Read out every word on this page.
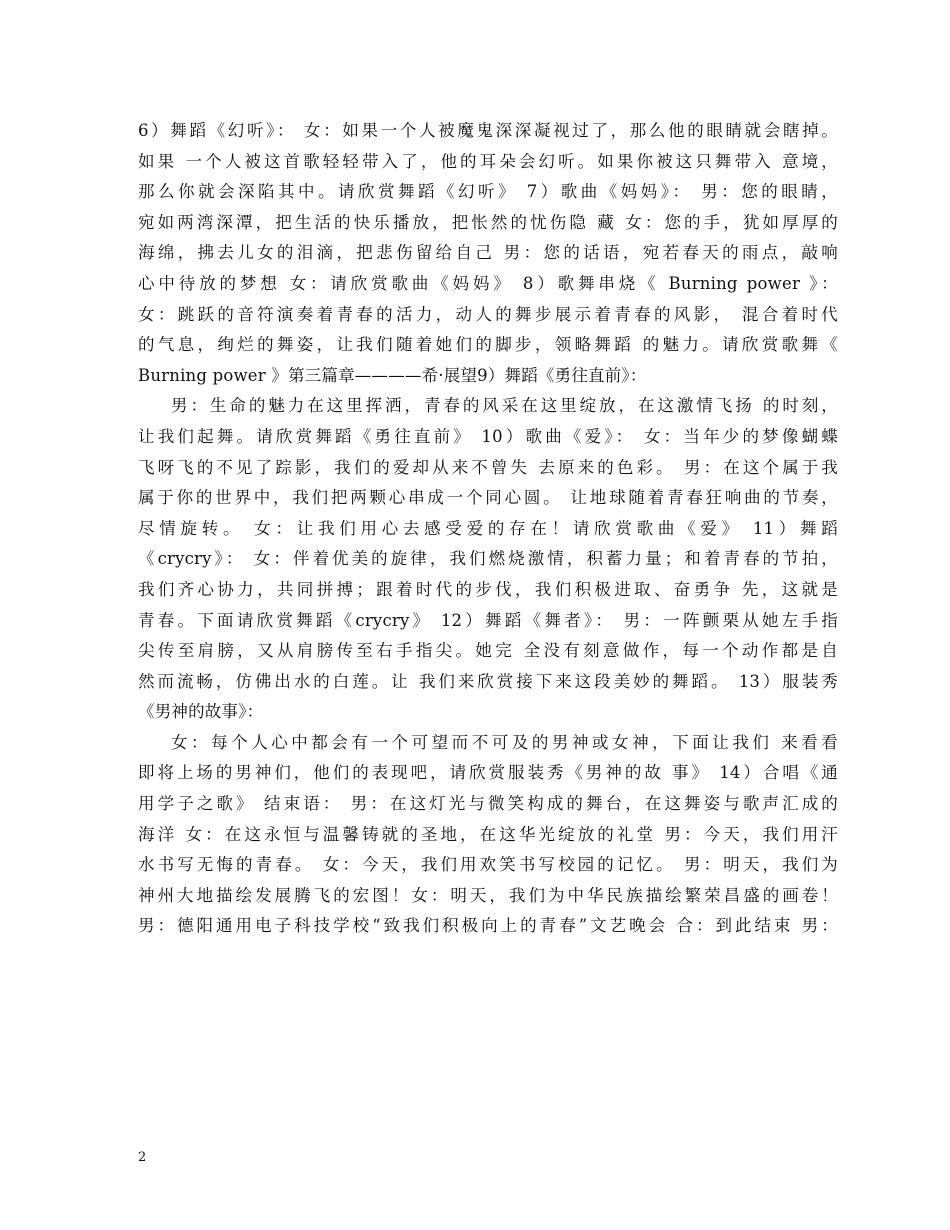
6）舞蹈《幻听》： 女：如果一个人被魔鬼深深凝视过了，那么他的眼睛就会瞎掉。
如果 一个人被这首歌轻轻带入了，他的耳朵会幻听。如果你被这只舞带入 意境，
那么你就会深陷其中。请欣赏舞蹈《幻听》 7）歌曲《妈妈》： 男：您的眼睛，
宛如两湾深潭，把生活的快乐播放，把怅然的忧伤隐 藏 女：您的手，犹如厚厚的
海绵，拂去儿女的泪滴，把悲伤留给自己 男：您的话语，宛若春天的雨点，敲响
心中待放的梦想 女：请欣赏歌曲《妈妈》 8）歌舞串烧《 Burning power 》：
女：跳跃的音符演奏着青春的活力，动人的舞步展示着青春的风影， 混合着时代
的气息，绚烂的舞姿，让我们随着她们的脚步，领略舞蹈 的魅力。请欣赏歌舞《
Burning power 》第三篇章————希·展望9）舞蹈《勇往直前》：
男：生命的魅力在这里挥洒，青春的风采在这里绽放，在这激情飞扬 的时刻，
让我们起舞。请欣赏舞蹈《勇往直前》 10）歌曲《爱》： 女：当年少的梦像蝴蝶
飞呀飞的不见了踪影，我们的爱却从来不曾失 去原来的色彩。 男：在这个属于我
属于你的世界中，我们把两颗心串成一个同心圆。 让地球随着青春狂响曲的节奏，
尽情旋转。 女：让我们用心去感受爱的存在！请欣赏歌曲《爱》 11）舞蹈
《crycry》： 女：伴着优美的旋律，我们燃烧激情，积蓄力量；和着青春的节拍，
我们齐心协力，共同拼搏；跟着时代的步伐，我们积极进取、奋勇争 先，这就是
青春。下面请欣赏舞蹈《crycry》 12）舞蹈《舞者》： 男：一阵颤栗从她左手指
尖传至肩膀，又从肩膀传至右手指尖。她完 全没有刻意做作，每一个动作都是自
然而流畅，仿佛出水的白莲。让 我们来欣赏接下来这段美妙的舞蹈。 13）服装秀
《男神的故事》：
女：每个人心中都会有一个可望而不可及的男神或女神，下面让我们 来看看
即将上场的男神们，他们的表现吧，请欣赏服装秀《男神的故 事》 14）合唱《通
用学子之歌》 结束语： 男：在这灯光与微笑构成的舞台，在这舞姿与歌声汇成的
海洋 女：在这永恒与温馨铸就的圣地，在这华光绽放的礼堂 男：今天，我们用汗
水书写无悔的青春。 女：今天，我们用欢笑书写校园的记忆。 男：明天，我们为
神州大地描绘发展腾飞的宏图！女：明天，我们为中华民族描绘繁荣昌盛的画卷！
男：德阳通用电子科技学校“致我们积极向上的青春”文艺晚会 合：到此结束 男：
2
